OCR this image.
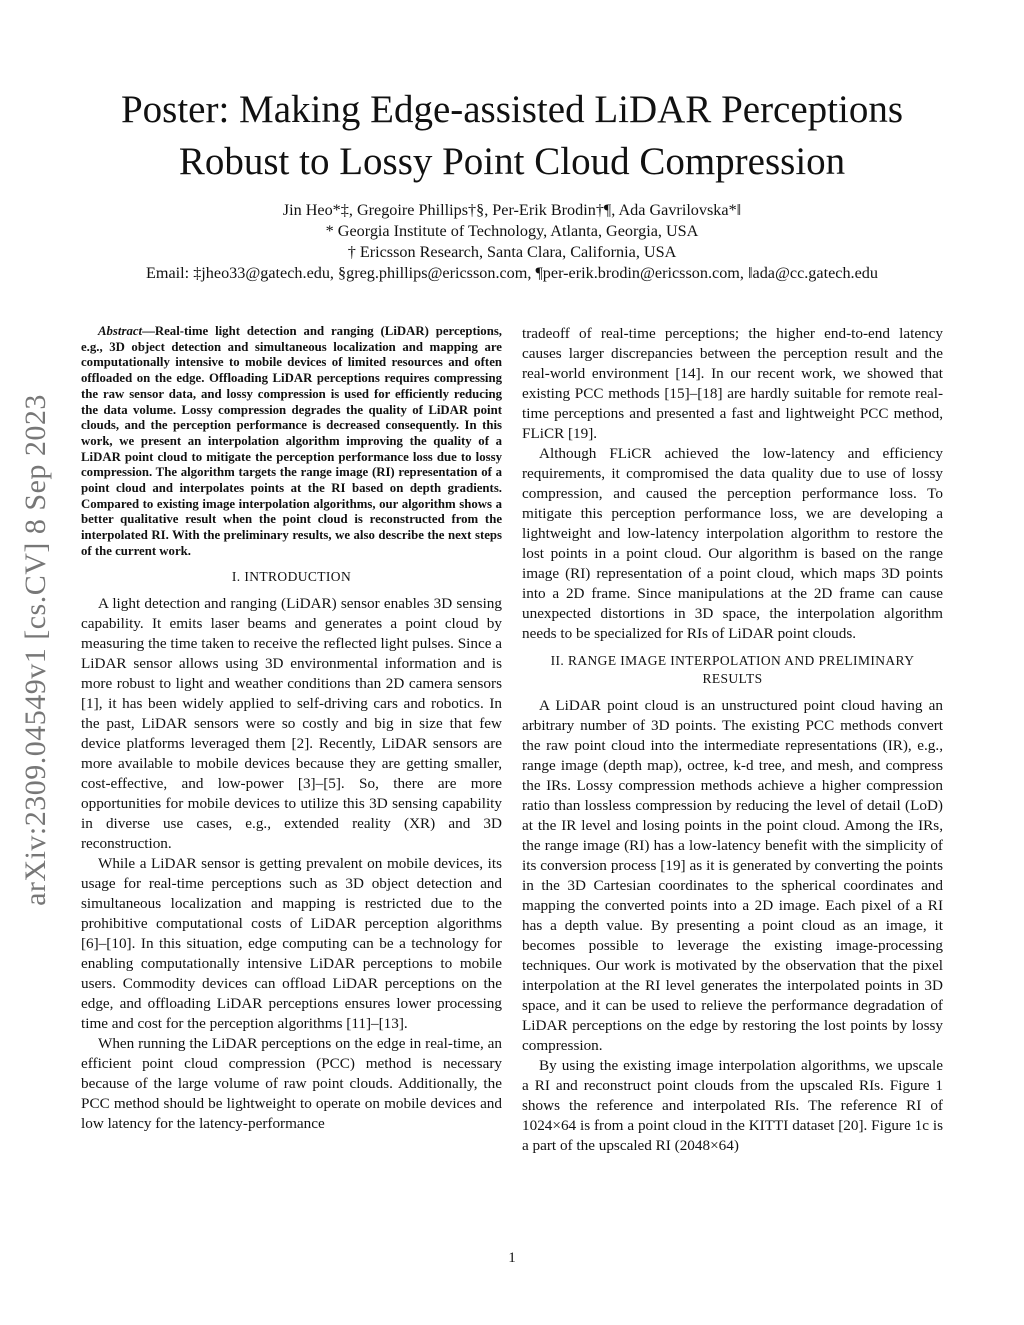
arXiv:2309.04549v1 [cs.CV] 8 Sep 2023
Poster: Making Edge-assisted LiDAR Perceptions Robust to Lossy Point Cloud Compression
Jin Heo*‡, Gregoire Phillips†§, Per-Erik Brodin†¶, Ada Gavrilovska*‖
* Georgia Institute of Technology, Atlanta, Georgia, USA
† Ericsson Research, Santa Clara, California, USA
Email: ‡jheo33@gatech.edu, §greg.phillips@ericsson.com, ¶per-erik.brodin@ericsson.com, ‖ada@cc.gatech.edu

Abstract—Real-time light detection and ranging (LiDAR) perceptions, e.g., 3D object detection and simultaneous localization and mapping are computationally intensive to mobile devices of limited resources and often offloaded on the edge. Offloading LiDAR perceptions requires compressing the raw sensor data, and lossy compression is used for efficiently reducing the data volume. Lossy compression degrades the quality of LiDAR point clouds, and the perception performance is decreased consequently. In this work, we present an interpolation algorithm improving the quality of a LiDAR point cloud to mitigate the perception performance loss due to lossy compression. The algorithm targets the range image (RI) representation of a point cloud and interpolates points at the RI based on depth gradients. Compared to existing image interpolation algorithms, our algorithm shows a better qualitative result when the point cloud is reconstructed from the interpolated RI. With the preliminary results, we also describe the next steps of the current work.

I. INTRODUCTION

A light detection and ranging (LiDAR) sensor enables 3D sensing capability. It emits laser beams and generates a point cloud by measuring the time taken to receive the reflected light pulses. Since a LiDAR sensor allows using 3D environmental information and is more robust to light and weather conditions than 2D camera sensors [1], it has been widely applied to self-driving cars and robotics. In the past, LiDAR sensors were so costly and big in size that few device platforms leveraged them [2]. Recently, LiDAR sensors are more available to mobile devices because they are getting smaller, cost-effective, and low-power [3]–[5]. So, there are more opportunities for mobile devices to utilize this 3D sensing capability in diverse use cases, e.g., extended reality (XR) and 3D reconstruction.

While a LiDAR sensor is getting prevalent on mobile devices, its usage for real-time perceptions such as 3D object detection and simultaneous localization and mapping is restricted due to the prohibitive computational costs of LiDAR perception algorithms [6]–[10]. In this situation, edge computing can be a technology for enabling computationally intensive LiDAR perceptions to mobile users. Commodity devices can offload LiDAR perceptions on the edge, and offloading LiDAR perceptions ensures lower processing time and cost for the perception algorithms [11]–[13].

When running the LiDAR perceptions on the edge in real-time, an efficient point cloud compression (PCC) method is necessary because of the large volume of raw point clouds. Additionally, the PCC method should be lightweight to operate on mobile devices and low latency for the latency-performance

tradeoff of real-time perceptions; the higher end-to-end latency causes larger discrepancies between the perception result and the real-world environment [14]. In our recent work, we showed that existing PCC methods [15]–[18] are hardly suitable for remote real-time perceptions and presented a fast and lightweight PCC method, FLiCR [19].

Although FLiCR achieved the low-latency and efficiency requirements, it compromised the data quality due to use of lossy compression, and caused the perception performance loss. To mitigate this perception performance loss, we are developing a lightweight and low-latency interpolation algorithm to restore the lost points in a point cloud. Our algorithm is based on the range image (RI) representation of a point cloud, which maps 3D points into a 2D frame. Since manipulations at the 2D frame can cause unexpected distortions in 3D space, the interpolation algorithm needs to be specialized for RIs of LiDAR point clouds.

II. RANGE IMAGE INTERPOLATION AND PRELIMINARY
RESULTS

A LiDAR point cloud is an unstructured point cloud having an arbitrary number of 3D points. The existing PCC methods convert the raw point cloud into the intermediate representations (IR), e.g., range image (depth map), octree, k-d tree, and mesh, and compress the IRs. Lossy compression methods achieve a higher compression ratio than lossless compression by reducing the level of detail (LoD) at the IR level and losing points in the point cloud. Among the IRs, the range image (RI) has a low-latency benefit with the simplicity of its conversion process [19] as it is generated by converting the points in the 3D Cartesian coordinates to the spherical coordinates and mapping the converted points into a 2D image. Each pixel of a RI has a depth value. By presenting a point cloud as an image, it becomes possible to leverage the existing image-processing techniques. Our work is motivated by the observation that the pixel interpolation at the RI level generates the interpolated points in 3D space, and it can be used to relieve the performance degradation of LiDAR perceptions on the edge by restoring the lost points by lossy compression.

By using the existing image interpolation algorithms, we upscale a RI and reconstruct point clouds from the upscaled RIs. Figure 1 shows the reference and interpolated RIs. The reference RI of 1024×64 is from a point cloud in the KITTI dataset [20]. Figure 1c is a part of the upscaled RI (2048×64)

1
